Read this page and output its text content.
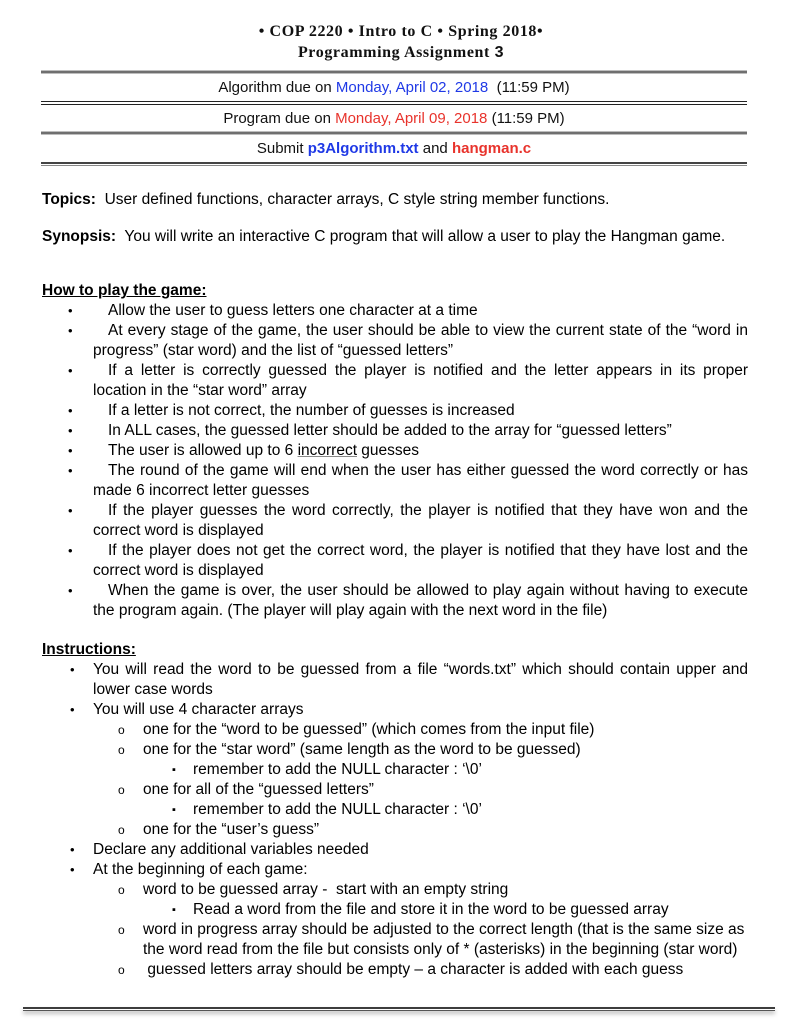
• COP 2220 • Intro to C • Spring 2018•
Programming Assignment 3
Algorithm due on Monday, April 02, 2018  (11:59 PM)
Program due on Monday, April 09, 2018 (11:59 PM)
Submit p3Algorithm.txt and hangman.c
Topics:  User defined functions, character arrays, C style string member functions.
Synopsis:  You will write an interactive C program that will allow a user to play the Hangman game.
How to play the game:
•	Allow the user to guess letters one character at a time
•	At every stage of the game, the user should be able to view the current state of the “word in progress” (star word) and the list of “guessed letters”
•	If a letter is correctly guessed the player is notified and the letter appears in its proper location in the “star word” array
•	If a letter is not correct, the number of guesses is increased
•	In ALL cases, the guessed letter should be added to the array for “guessed letters”
•	The user is allowed up to 6 incorrect guesses
•	The round of the game will end when the user has either guessed the word correctly or has made 6 incorrect letter guesses
•	If the player guesses the word correctly, the player is notified that they have won and the correct word is displayed
•	If the player does not get the correct word, the player is notified that they have lost and the correct word is displayed
•	When the game is over, the user should be allowed to play again without having to execute the program again. (The player will play again with the next word in the file)
Instructions:
• You will read the word to be guessed from a file “words.txt” which should contain upper and lower case words
• You will use 4 character arrays
o one for the “word to be guessed” (which comes from the input file)
o one for the “star word” (same length as the word to be guessed)
▪ remember to add the NULL character : ‘\0’
o one for all of the “guessed letters”
▪ remember to add the NULL character : ‘\0’
o one for the “user’s guess”
• Declare any additional variables needed
• At the beginning of each game:
o word to be guessed array -  start with an empty string
▪ Read a word from the file and store it in the word to be guessed array
o word in progress array should be adjusted to the correct length (that is the same size as the word read from the file but consists only of * (asterisks) in the beginning (star word)
o guessed letters array should be empty – a character is added with each guess
